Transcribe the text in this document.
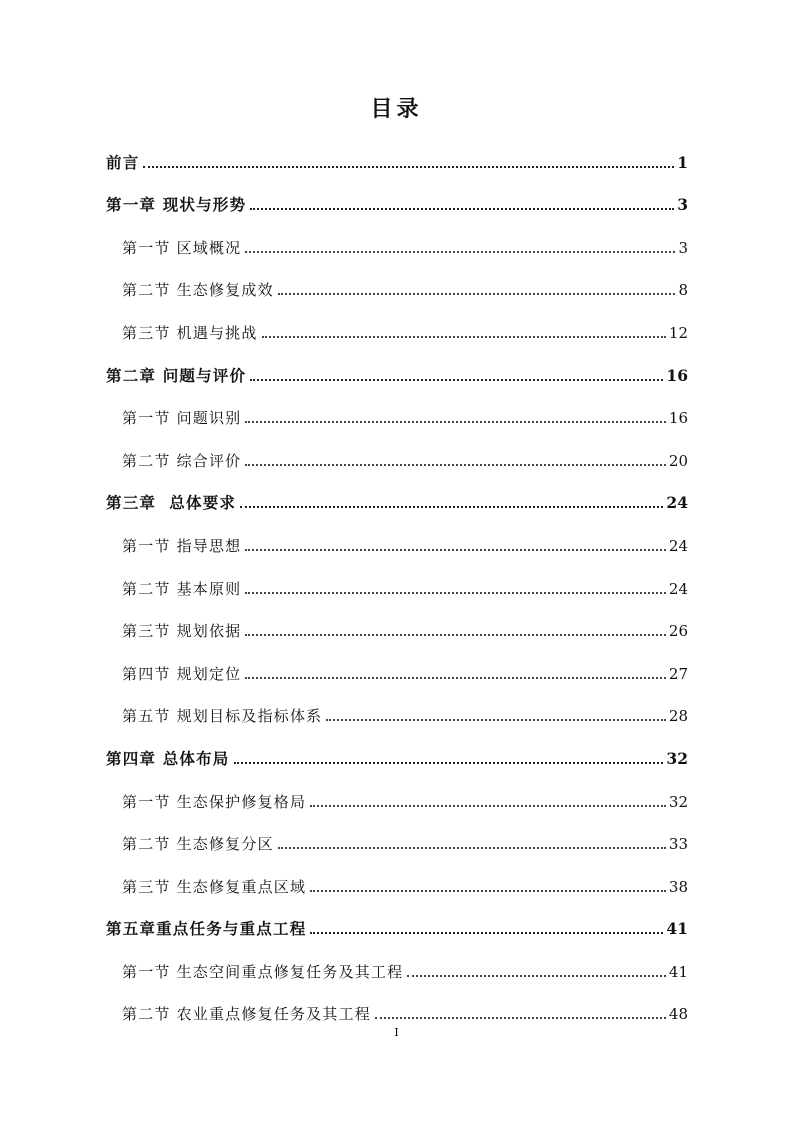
目录
前言	1
第一章 现状与形势	3
第一节 区域概况	3
第二节 生态修复成效	8
第三节 机遇与挑战	12
第二章 问题与评价	16
第一节 问题识别	16
第二节 综合评价	20
第三章  总体要求	24
第一节 指导思想	24
第二节 基本原则	24
第三节 规划依据	26
第四节 规划定位	27
第五节 规划目标及指标体系	28
第四章 总体布局	32
第一节 生态保护修复格局	32
第二节 生态修复分区	33
第三节 生态修复重点区域	38
第五章重点任务与重点工程	41
第一节 生态空间重点修复任务及其工程	41
第二节 农业重点修复任务及其工程	48
I
